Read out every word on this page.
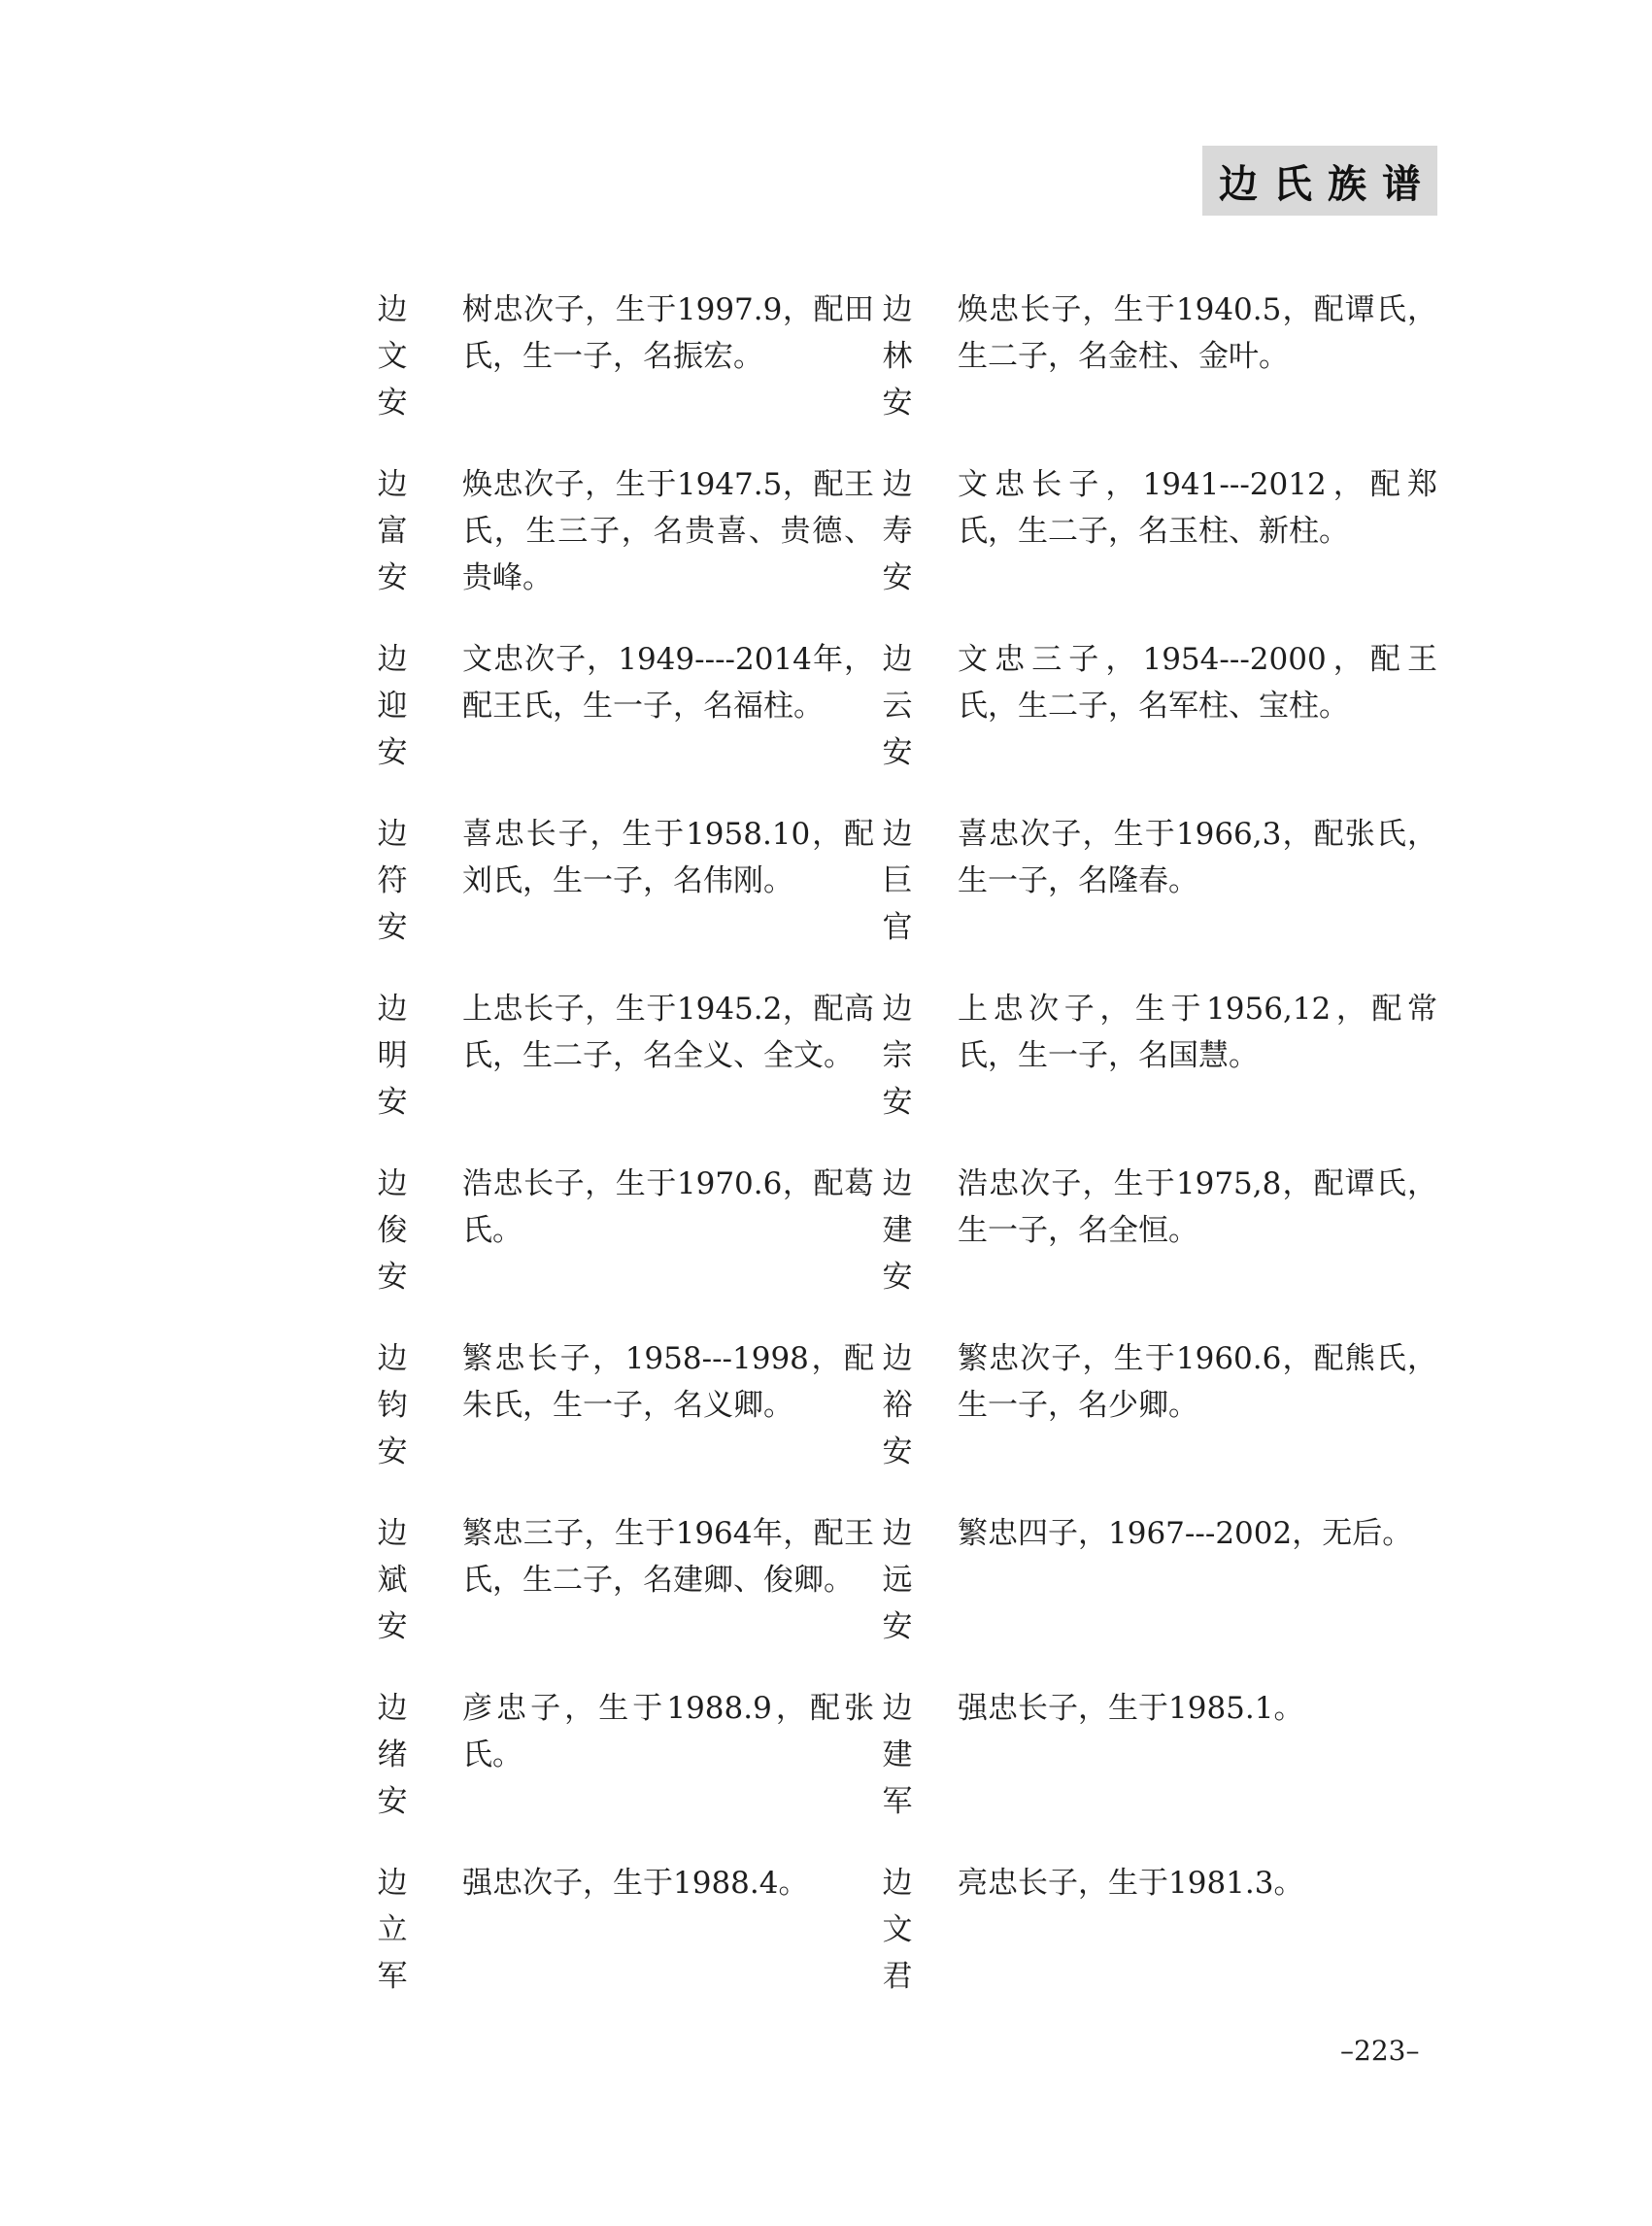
边氏族谱
边
文
安
树忠次子，生于1997.9，配田氏，生一子，名振宏。
边
林
安
焕忠长子，生于1940.5，配谭氏，生二子，名金柱、金叶。
边
富
安
焕忠次子，生于1947.5，配王氏，生三子，名贵喜、贵德、贵峰。
边
寿
安
文忠长子，1941---2012，配郑氏，生二子，名玉柱、新柱。
边
迎
安
文忠次子，1949----2014年，配王氏，生一子，名福柱。
边
云
安
文忠三子，1954---2000，配王氏，生二子，名军柱、宝柱。
边
符
安
喜忠长子，生于1958.10，配刘氏，生一子，名伟刚。
边
巨
官
喜忠次子，生于1966,3，配张氏，生一子，名隆春。
边
明
安
上忠长子，生于1945.2，配高氏，生二子，名全义、全文。
边
宗
安
上忠次子，生于1956,12，配常氏，生一子，名国慧。
边
俊
安
浩忠长子，生于1970.6，配葛氏。
边
建
安
浩忠次子，生于1975,8，配谭氏，生一子，名全恒。
边
钧
安
繁忠长子，1958---1998，配朱氏，生一子，名义卿。
边
裕
安
繁忠次子，生于1960.6，配熊氏，生一子，名少卿。
边
斌
安
繁忠三子，生于1964年，配王氏，生二子，名建卿、俊卿。
边
远
安
繁忠四子，1967---2002，无后。
边
绪
安
彦忠子，生于1988.9，配张氏。
边
建
军
强忠长子，生于1985.1。
边
立
军
强忠次子，生于1988.4。	边
文
君
亮忠长子，生于1981.3。
–223–
